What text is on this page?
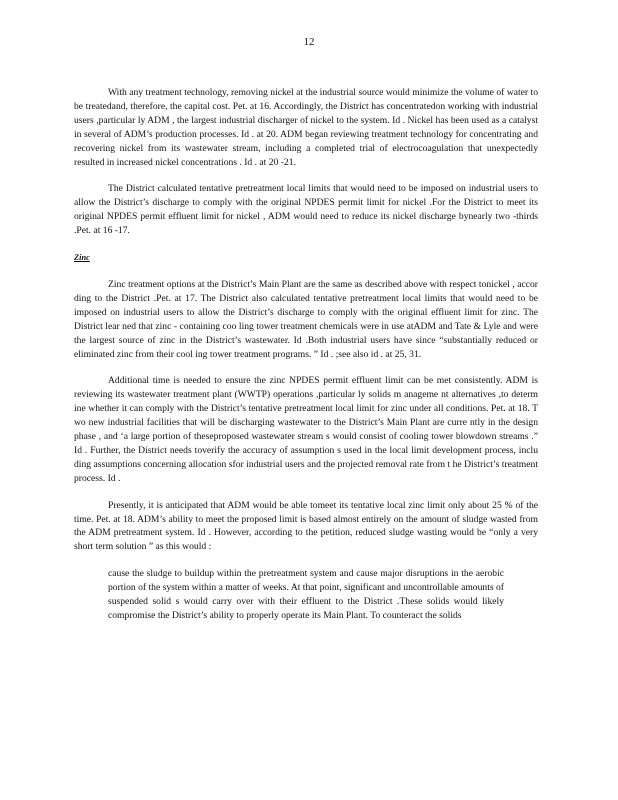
12

With any treatment technology, removing nickel at the industrial source would minimize the volume of water to be treatedand, therefore, the capital cost. Pet. at 16. Accordingly, the District has concentratedon working with industrial users ,particular ly ADM , the largest industrial discharger of nickel to the system. Id . Nickel has been used as a catalyst in several of ADM’s production processes. Id . at 20. ADM began reviewing treatment technology for concentrating and recovering nickel from its wastewater stream, including a completed trial of electrocoagulation that unexpectedly resulted in increased nickel concentrations . Id . at 20 -21.

The District calculated tentative pretreatment local limits that would need to be imposed on industrial users to allow the District’s discharge to comply with the original NPDES permit limit for nickel .For the District to meet its original NPDES permit effluent limit for nickel , ADM would need to reduce its nickel discharge bynearly two -thirds .Pet. at 16 -17.

Zinc

Zinc treatment options at the District’s Main Plant are the same as described above with respect tonickel , accor ding to the District .Pet. at 17. The District also calculated tentative pretreatment local limits that would need to be imposed on industrial users to allow the District’s discharge to comply with the original effluent limit for zinc. The District lear ned that zinc - containing coo ling tower treatment chemicals were in use atADM and Tate & Lyle and were the largest source of zinc in the District’s wastewater. Id .Both industrial users have since “substantially reduced or eliminated zinc from their cool ing tower treatment programs. ” Id . ;see also id . at 25, 31.

Additional time is needed to ensure the zinc NPDES permit effluent limit can be met consistently. ADM is reviewing its wastewater treatment plant (WWTP) operations ,particular ly solids m anageme nt alternatives ,to determ ine whether it can comply with the District’s tentative pretreatment local limit for zinc under all conditions. Pet. at 18. T wo new industrial facilities that will be discharging wastewater to the District’s Main Plant are curre ntly in the design phase , and ‘a large portion of theseproposed wastewater stream s would consist of cooling tower blowdown streams .” Id . Further, the District needs toverify the accuracy of assumption s used in the local limit development process, inclu ding assumptions concerning allocation sfor industrial users and the projected removal rate from t he District’s treatment process. Id .

Presently, it is anticipated that ADM would be able tomeet its tentative local zinc limit only about 25 % of the time. Pet. at 18. ADM’s ability to meet the proposed limit is based almost entirely on the amount of sludge wasted from the ADM pretreatment system. Id . However, according to the petition, reduced sludge wasting would be “only a very short term solution ” as this would :

cause the sludge to buildup within the pretreatment system and cause major disruptions in the aerobic portion of the system within a matter of weeks. At that point, significant and uncontrollable amounts of suspended solid s would carry over with their effluent to the District .These solids would likely compromise the District’s ability to properly operate its Main Plant. To counteract the solids
